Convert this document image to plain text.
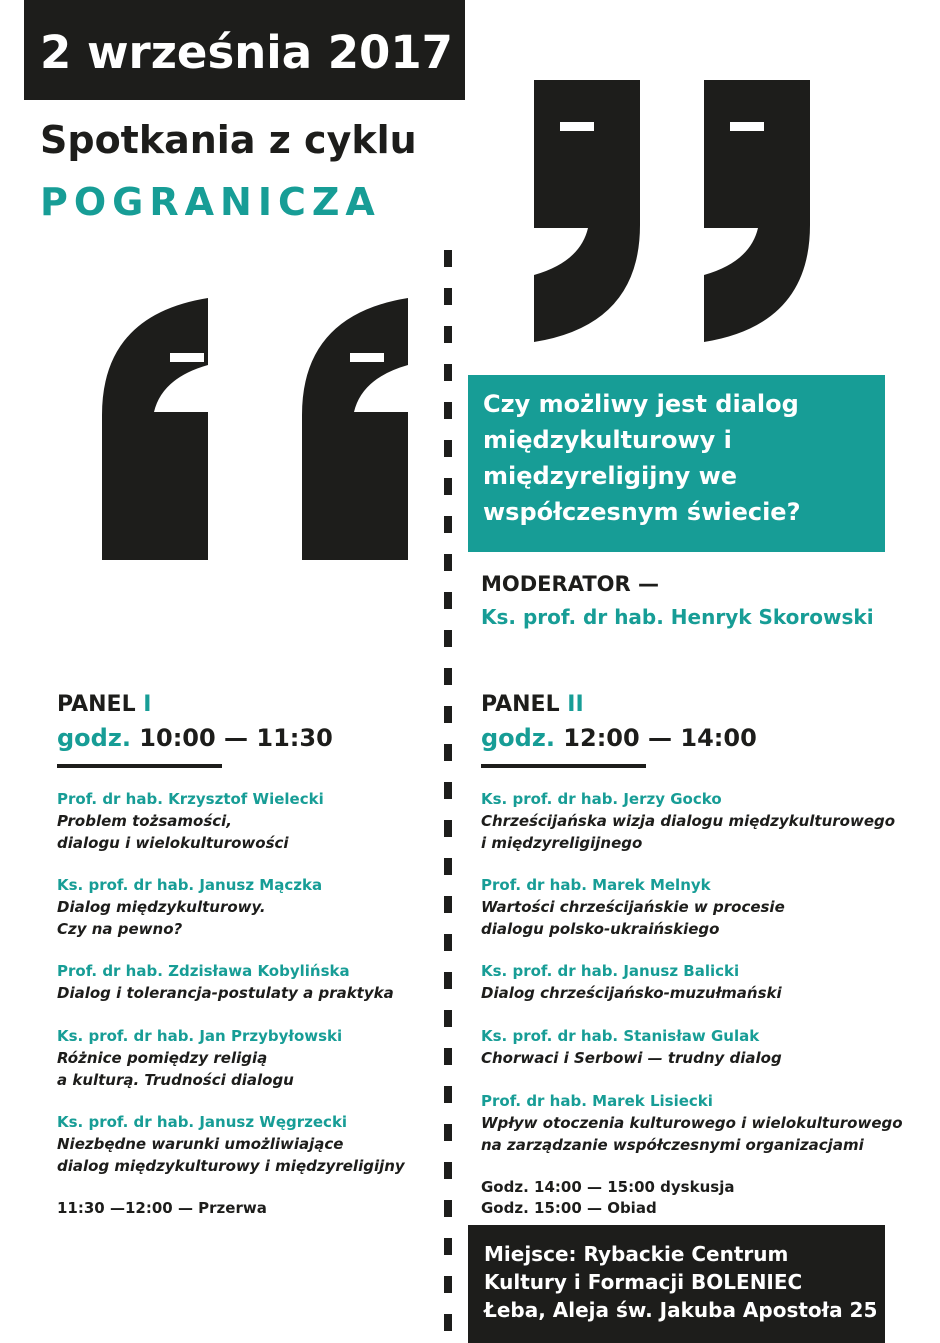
2 września 2017
Spotkania z cyklu
POGRANICZA
Czy możliwy jest dialog międzykulturowy i międzyreligijny we współczesnym świecie?
MODERATOR —
Ks. prof. dr hab. Henryk Skorowski
PANEL I
godz. 10:00 — 11:30
Prof. dr hab. Krzysztof Wielecki
Problem tożsamości,
dialogu i wielokulturowości
Ks. prof. dr hab. Janusz Mączka
Dialog międzykulturowy.
Czy na pewno?
Prof. dr hab. Zdzisława Kobylińska
Dialog i tolerancja-postulaty a praktyka
Ks. prof. dr hab. Jan Przybyłowski
Różnice pomiędzy religią
a kulturą. Trudności dialogu
Ks. prof. dr hab. Janusz Węgrzecki
Niezbędne warunki umożliwiające
dialog międzykulturowy i międzyreligijny
11:30 —12:00 — Przerwa
PANEL II
godz. 12:00 — 14:00
Ks. prof. dr hab. Jerzy Gocko
Chrześcijańska wizja dialogu międzykulturowego
i międzyreligijnego
Prof. dr hab. Marek Melnyk
Wartości chrześcijańskie w procesie
dialogu polsko-ukraińskiego
Ks. prof. dr hab. Janusz Balicki
Dialog chrześcijańsko-muzułmański
Ks. prof. dr hab. Stanisław Gulak
Chorwaci i Serbowi — trudny dialog
Prof. dr hab. Marek Lisiecki
Wpływ otoczenia kulturowego i wielokulturowego
na zarządzanie współczesnymi organizacjami
Godz. 14:00 — 15:00 dyskusja
Godz. 15:00 — Obiad
Miejsce: Rybackie Centrum
Kultury i Formacji BOLENIEC
Łeba, Aleja św. Jakuba Apostoła 25
